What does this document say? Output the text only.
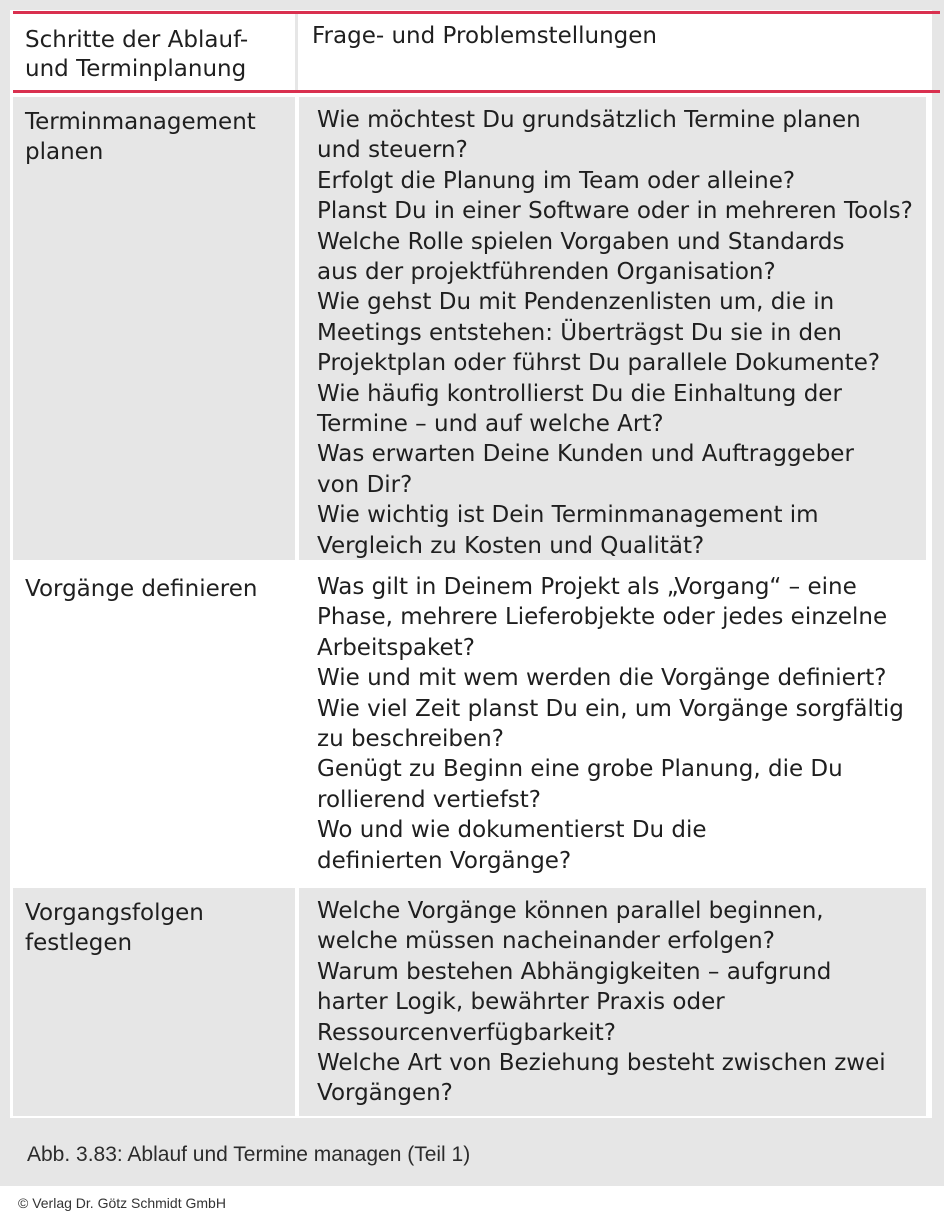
Schritte der Ablauf-
und Terminplanung
Frage- und Problemstellungen
Terminmanagement planen
Wie möchtest Du grundsätzlich Termine planen und steuern?
Erfolgt die Planung im Team oder alleine?
Planst Du in einer Software oder in mehreren Tools?
Welche Rolle spielen Vorgaben und Standards aus der projektführenden Organisation?
Wie gehst Du mit Pendenzenlisten um, die in Meetings entstehen: Überträgst Du sie in den Projektplan oder führst Du parallele Dokumente?
Wie häufig kontrollierst Du die Einhaltung der Termine – und auf welche Art?
Was erwarten Deine Kunden und Auftraggeber von Dir?
Wie wichtig ist Dein Terminmanagement im Vergleich zu Kosten und Qualität?
Vorgänge definieren	Was gilt in Deinem Projekt als „Vorgang“ – eine Phase, mehrere Lieferobjekte oder jedes einzelne Arbeitspaket?
Wie und mit wem werden die Vorgänge definiert?
Wie viel Zeit planst Du ein, um Vorgänge sorgfältig zu beschreiben?
Genügt zu Beginn eine grobe Planung, die Du rollierend vertiefst?
Wo und wie dokumentierst Du die definierten Vorgänge?
Vorgangsfolgen festlegen
Welche Vorgänge können parallel beginnen, welche müssen nacheinander erfolgen?
Warum bestehen Abhängigkeiten – aufgrund harter Logik, bewährter Praxis oder Ressourcenverfügbarkeit?
Welche Art von Beziehung besteht zwischen zwei Vorgängen?
Abb. 3.83: Ablauf und Termine managen (Teil 1)
© Verlag Dr. Götz Schmidt GmbH
